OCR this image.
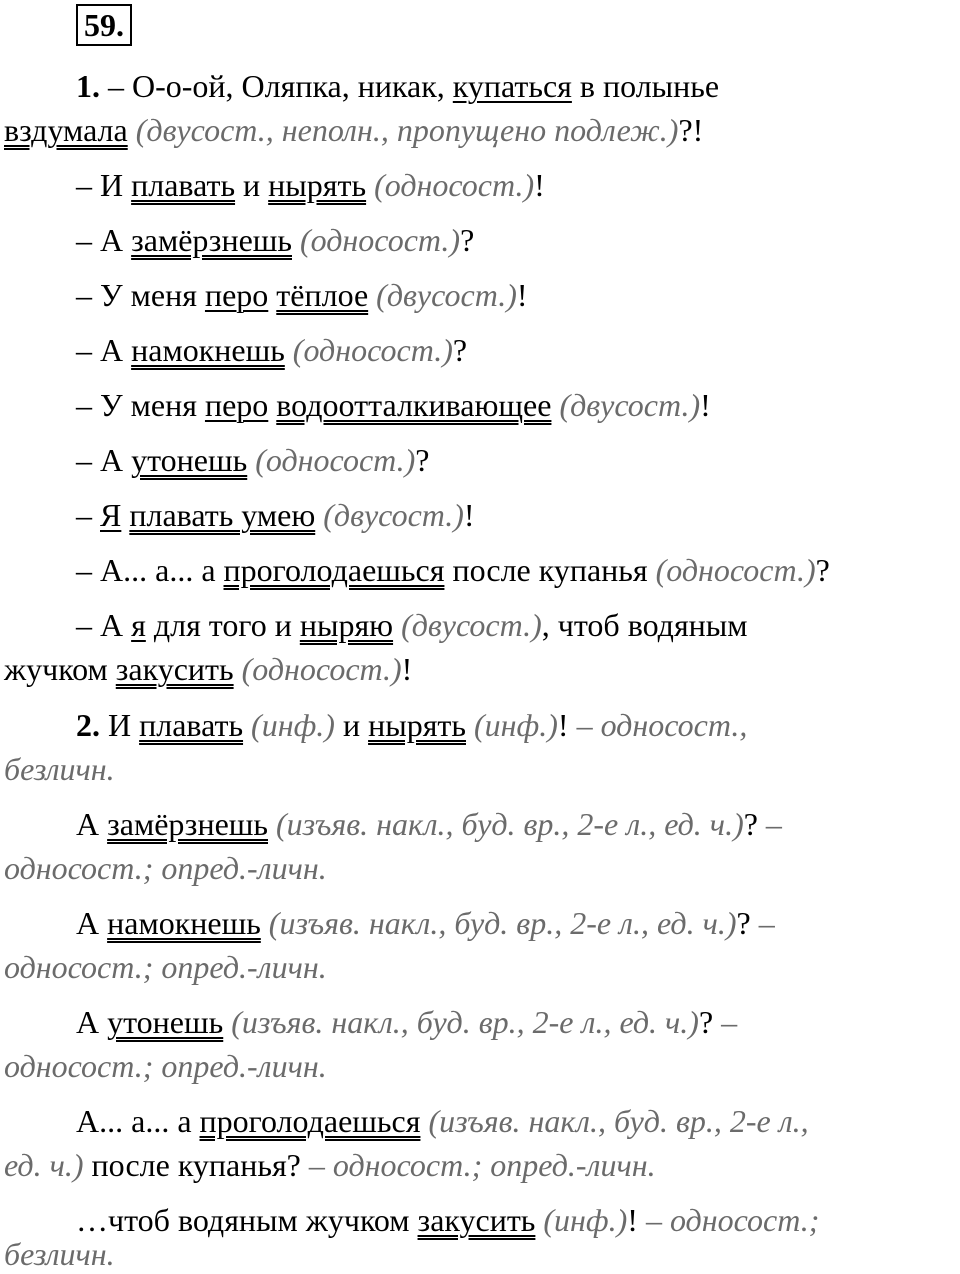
59.
1. – О-о-ой, Оляпка, никак, купаться в полынье
вздумала (двусост., неполн., пропущено подлеж.)?!
– И плавать и нырять (односост.)!
– А замёрзнешь (односост.)?
– У меня перо тёплое (двусост.)!
– А намокнешь (односост.)?
– У меня перо водоотталкивающее (двусост.)!
– А утонешь (односост.)?
– Я плавать умею (двусост.)!
– А... а... а проголодаешься после купанья (односост.)?
– А я для того и ныряю (двусост.), чтоб водяным
жучком закусить (односост.)!
2. И плавать (инф.) и нырять (инф.)! – односост.,
безличн.
А замёрзнешь (изъяв. накл., буд. вр., 2-е л., ед. ч.)? –
односост.; опред.-личн.
А намокнешь (изъяв. накл., буд. вр., 2-е л., ед. ч.)? –
односост.; опред.-личн.
А утонешь (изъяв. накл., буд. вр., 2-е л., ед. ч.)? –
односост.; опред.-личн.
А... а... а проголодаешься (изъяв. накл., буд. вр., 2-е л.,
ед. ч.) после купанья? – односост.; опред.-личн.
…чтоб водяным жучком закусить (инф.)! – односост.;
безличн.
